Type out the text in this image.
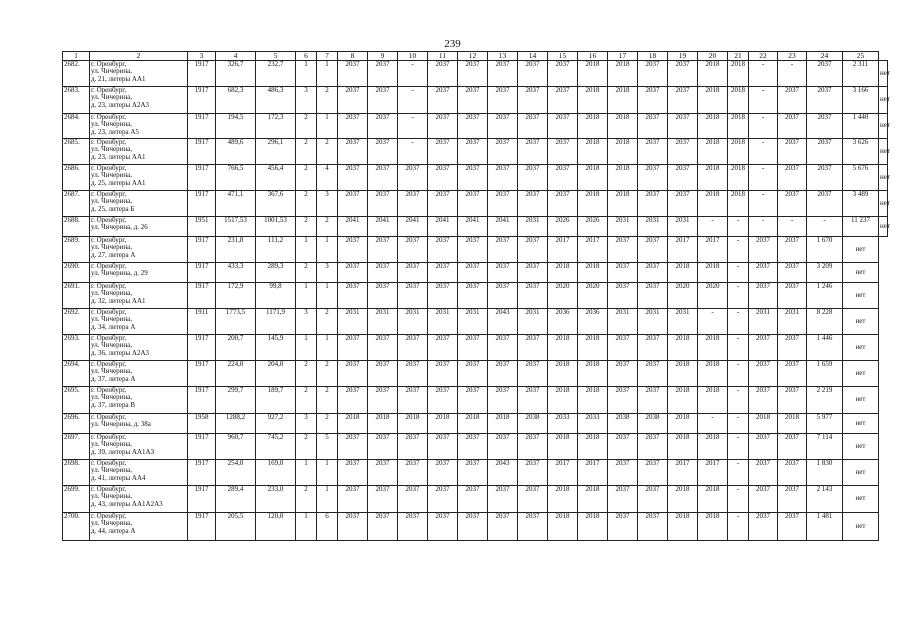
239
1	2	3	4	5	6	7	8	9	10	11	12	13	14	15	16	17	18	19	20	21	22	23	24	25	
2682.	г. Оренбург,
ул. Чичерина,
д. 21, литеры АА1	1917	326,7	232,7	1	1	2037	2037	-	2037	2037	2037	2037	2037	2018	2018	2037	2037	2018	2018	-	-	2037	2 311	нет
2683.	г. Оренбург,
ул. Чичерина,
д. 23, литеры А2А3	1917	682,3	486,3	3	2	2037	2037	-	2037	2037	2037	2037	2037	2018	2018	2037	2037	2018	2018	-	2037	2037	3 166	нет
2684.	г. Оренбург,
ул. Чичерина,
д. 23, литера А5	1917	194,5	172,3	2	1	2037	2037	-	2037	2037	2037	2037	2037	2018	2018	2037	2037	2018	2018	-	2037	2037	1 440	нет
2685.	г. Оренбург,
ул. Чичерина,
д. 23, литеры АА1	1917	489,6	296,1	2	2	2037	2037	-	2037	2037	2037	2037	2037	2018	2018	2037	2037	2018	2018	-	2037	2037	3 626	нет
2686.	г. Оренбург,
ул. Чичерина,
д. 25, литеры АА1	1917	766,5	456,4	2	4	2037	2037	2037	2037	2037	2037	2037	2037	2018	2018	2037	2037	2018	2018	-	2037	2037	5 676	нет
2687.	г. Оренбург,
ул. Чичерина,
д. 25, литера Б	1917	471,1	367,6	2	3	2037	2037	2037	2037	2037	2037	2037	2037	2018	2018	2037	2037	2018	2018	-	2037	2037	3 489	нет
2688.	г. Оренбург,
ул. Чичерина, д. 26	1951	1517,53	1001,53	2	2	2041	2041	2041	2041	2041	2041	2031	2026	2026	2031	2031	2031	-	-	-	-	-	11 237	нет
2689.	г. Оренбург,
ул. Чичерина,
д. 27, литера А	1917	231,8	111,2	1	1	2037	2037	2037	2037	2037	2037	2037	2017	2017	2037	2037	2017	2017	-	2037	2037	1 670	нет	
2690.	г. Оренбург,
ул. Чичерина, д. 29	1917	433,3	289,3	2	3	2037	2037	2037	2037	2037	2037	2037	2018	2018	2037	2037	2018	2018	-	2037	2037	3 209	нет	
2691.	г. Оренбург,
ул. Чичерина,
д. 32, литеры АА1	1917	172,9	99,8	1	1	2037	2037	2037	2037	2037	2037	2037	2020	2020	2037	2037	2020	2020	-	2037	2037	1 246	нет	
2692.	г. Оренбург,
ул. Чичерина,
д. 34, литера А	1911	1773,5	1171,9	3	2	2031	2031	2031	2031	2031	2043	2031	2036	2036	2031	2031	2031	-	-	2031	2031	8 228	нет	
2693.	г. Оренбург,
ул. Чичерина,
д. 36, литеры А2А3	1917	200,7	145,9	1	1	2037	2037	2037	2037	2037	2037	2037	2018	2018	2037	2037	2018	2018	-	2037	2037	1 446	нет	
2694.	г. Оренбург,
ул. Чичерина,
д. 37, литера А	1917	224,0	204,0	2	2	2037	2037	2037	2037	2037	2037	2037	2018	2018	2037	2037	2018	2018	-	2037	2037	1 659	нет	
2695.	г. Оренбург,
ул. Чичерина,
д. 37, литера В	1917	299,7	189,7	2	2	2037	2037	2037	2037	2037	2037	2037	2018	2018	2037	2037	2018	2018	-	2037	2037	2 219	нет	
2696.	г. Оренбург,
ул. Чичерина, д. 38а	1958	1288,2	927,2	3	2	2018	2018	2018	2018	2018	2018	2038	2033	2033	2038	2038	2018	-	-	2018	2018	5 977	нет	
2697.	г. Оренбург,
ул. Чичерина,
д. 39, литеры АА1А3	1917	960,7	745,2	2	5	2037	2037	2037	2037	2037	2037	2037	2018	2018	2037	2037	2018	2018	-	2037	2037	7 114	нет	
2698.	г. Оренбург,
ул. Чичерина,
д. 41, литеры АА4	1917	254,0	169,0	1	1	2037	2037	2037	2037	2037	2043	2037	2017	2017	2037	2037	2017	2017	-	2037	2037	1 830	нет	
2699.	г. Оренбург,
ул. Чичерина,
д. 43, литеры АА1А2А3	1917	289,4	233,0	2	1	2037	2037	2037	2037	2037	2037	2037	2018	2018	2037	2037	2018	2018	-	2037	2037	2 143	нет	
2700.	г. Оренбург,
ул. Чичерина,
д. 44, литера А	1917	205,5	120,0	1	6	2037	2037	2037	2037	2037	2037	2037	2018	2018	2037	2037	2018	2018	-	2037	2037	1 481	нет	
